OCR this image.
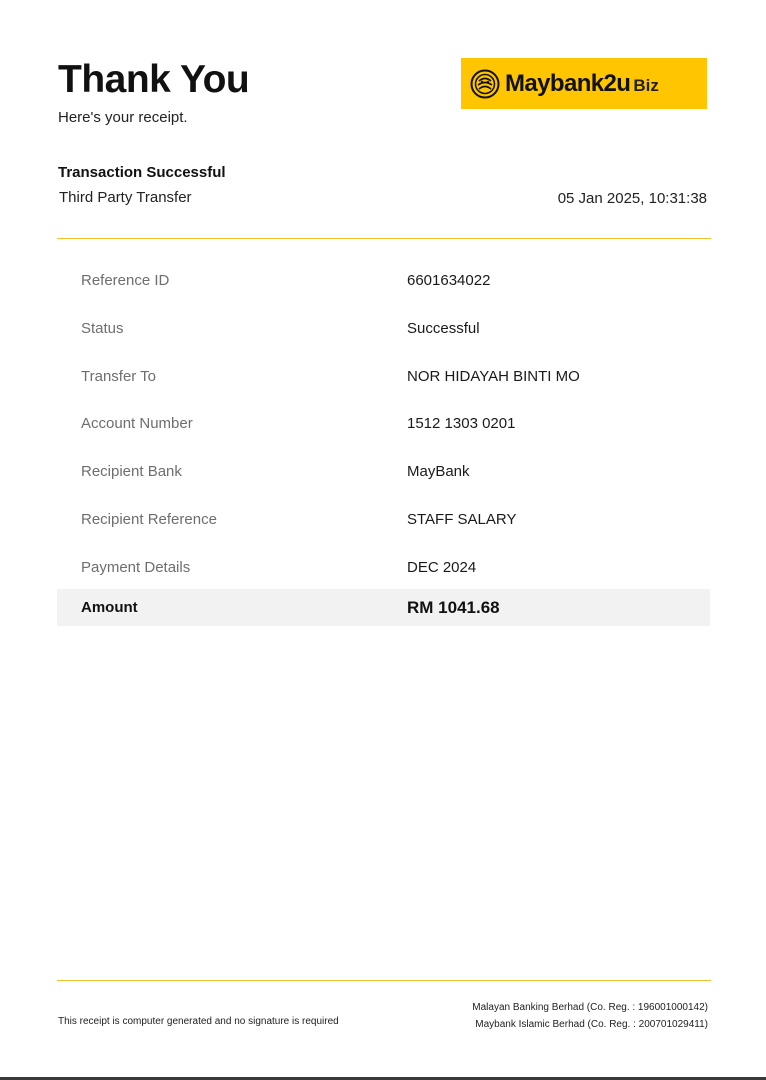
Thank You
Here's your receipt.
Maybank2u Biz
Transaction Successful
Third Party Transfer	05 Jan 2025, 10:31:38
Reference ID	6601634022
Status	Successful
Transfer To	NOR HIDAYAH BINTI MO
Account Number	1512 1303 0201
Recipient Bank	MayBank
Recipient Reference	STAFF SALARY
Payment Details	DEC 2024
Amount	RM 1041.68
This receipt is computer generated and no signature is required
Malayan Banking Berhad (Co. Reg. : 196001000142)
Maybank Islamic Berhad (Co. Reg. : 200701029411)
